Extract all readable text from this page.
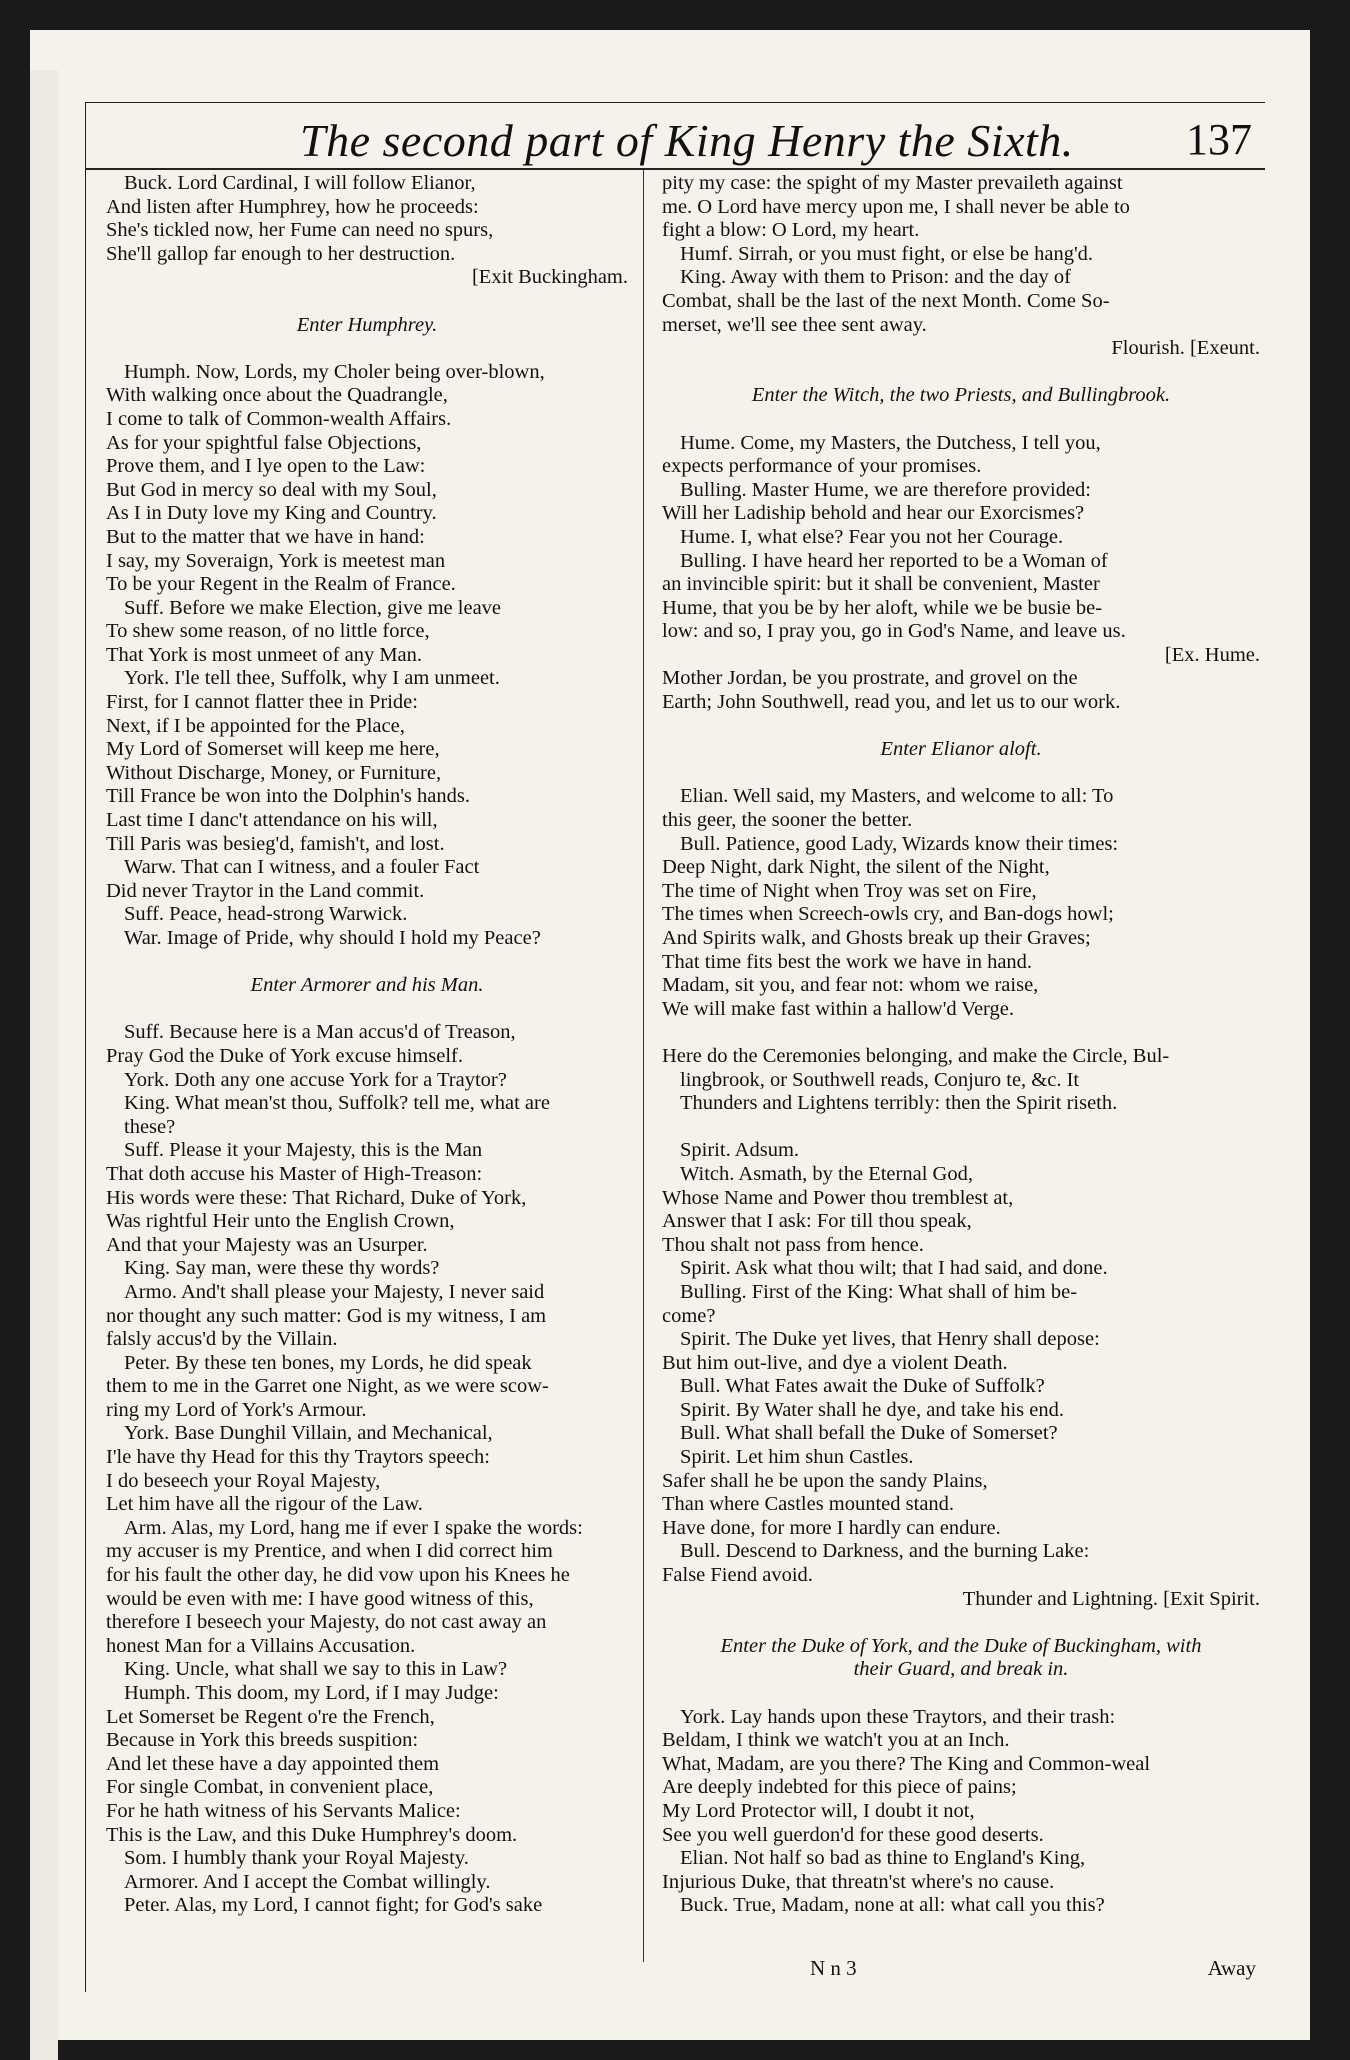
The second part of King Henry the Sixth.	137
Buck. Lord Cardinal, I will follow Elianor,
And listen after Humphrey, how he proceeds:
She's tickled now, her Fume can need no spurs,
She'll gallop far enough to her destruction.
[Exit Buckingham.
Enter Humphrey.
Humph. Now, Lords, my Choler being over-blown,
With walking once about the Quadrangle,
I come to talk of Common-wealth Affairs.
As for your spightful false Objections,
Prove them, and I lye open to the Law:
But God in mercy so deal with my Soul,
As I in Duty love my King and Country.
But to the matter that we have in hand:
I say, my Soveraign, York is meetest man
To be your Regent in the Realm of France.
Suff. Before we make Election, give me leave
To shew some reason, of no little force,
That York is most unmeet of any Man.
York. I'le tell thee, Suffolk, why I am unmeet.
First, for I cannot flatter thee in Pride:
Next, if I be appointed for the Place,
My Lord of Somerset will keep me here,
Without Discharge, Money, or Furniture,
Till France be won into the Dolphin's hands.
Last time I danc't attendance on his will,
Till Paris was besieg'd, famish't, and lost.
Warw. That can I witness, and a fouler Fact
Did never Traytor in the Land commit.
Suff. Peace, head-strong Warwick.
War. Image of Pride, why should I hold my Peace?
Enter Armorer and his Man.
Suff. Because here is a Man accus'd of Treason,
Pray God the Duke of York excuse himself.
York. Doth any one accuse York for a Traytor?
King. What mean'st thou, Suffolk? tell me, what are
these?
Suff. Please it your Majesty, this is the Man
That doth accuse his Master of High-Treason:
His words were these: That Richard, Duke of York,
Was rightful Heir unto the English Crown,
And that your Majesty was an Usurper.
King. Say man, were these thy words?
Armo. And't shall please your Majesty, I never said
nor thought any such matter: God is my witness, I am
falsly accus'd by the Villain.
Peter. By these ten bones, my Lords, he did speak
them to me in the Garret one Night, as we were scow-
ring my Lord of York's Armour.
York. Base Dunghil Villain, and Mechanical,
I'le have thy Head for this thy Traytors speech:
I do beseech your Royal Majesty,
Let him have all the rigour of the Law.
Arm. Alas, my Lord, hang me if ever I spake the words:
my accuser is my Prentice, and when I did correct him
for his fault the other day, he did vow upon his Knees he
would be even with me: I have good witness of this,
therefore I beseech your Majesty, do not cast away an
honest Man for a Villains Accusation.
King. Uncle, what shall we say to this in Law?
Humph. This doom, my Lord, if I may Judge:
Let Somerset be Regent o're the French,
Because in York this breeds suspition:
And let these have a day appointed them
For single Combat, in convenient place,
For he hath witness of his Servants Malice:
This is the Law, and this Duke Humphrey's doom.
Som. I humbly thank your Royal Majesty.
Armorer. And I accept the Combat willingly.
Peter. Alas, my Lord, I cannot fight; for God's sake
pity my case: the spight of my Master prevaileth against
me. O Lord have mercy upon me, I shall never be able to
fight a blow: O Lord, my heart.
Humf. Sirrah, or you must fight, or else be hang'd.
King. Away with them to Prison: and the day of
Combat, shall be the last of the next Month. Come So-
merset, we'll see thee sent away.
Flourish. [Exeunt.
Enter the Witch, the two Priests, and Bullingbrook.
Hume. Come, my Masters, the Dutchess, I tell you,
expects performance of your promises.
Bulling. Master Hume, we are therefore provided:
Will her Ladiship behold and hear our Exorcismes?
Hume. I, what else? Fear you not her Courage.
Bulling. I have heard her reported to be a Woman of
an invincible spirit: but it shall be convenient, Master
Hume, that you be by her aloft, while we be busie be-
low: and so, I pray you, go in God's Name, and leave us.
[Ex. Hume.
Mother Jordan, be you prostrate, and grovel on the
Earth; John Southwell, read you, and let us to our work.
Enter Elianor aloft.
Elian. Well said, my Masters, and welcome to all: To
this geer, the sooner the better.
Bull. Patience, good Lady, Wizards know their times:
Deep Night, dark Night, the silent of the Night,
The time of Night when Troy was set on Fire,
The times when Screech-owls cry, and Ban-dogs howl;
And Spirits walk, and Ghosts break up their Graves;
That time fits best the work we have in hand.
Madam, sit you, and fear not: whom we raise,
We will make fast within a hallow'd Verge.
Here do the Ceremonies belonging, and make the Circle, Bul-
lingbrook, or Southwell reads, Conjuro te, &c. It
Thunders and Lightens terribly: then the Spirit riseth.
Spirit. Adsum.
Witch. Asmath, by the Eternal God,
Whose Name and Power thou tremblest at,
Answer that I ask: For till thou speak,
Thou shalt not pass from hence.
Spirit. Ask what thou wilt; that I had said, and done.
Bulling. First of the King: What shall of him be-
come?
Spirit. The Duke yet lives, that Henry shall depose:
But him out-live, and dye a violent Death.
Bull. What Fates await the Duke of Suffolk?
Spirit. By Water shall he dye, and take his end.
Bull. What shall befall the Duke of Somerset?
Spirit. Let him shun Castles.
Safer shall he be upon the sandy Plains,
Than where Castles mounted stand.
Have done, for more I hardly can endure.
Bull. Descend to Darkness, and the burning Lake:
False Fiend avoid.
Thunder and Lightning. [Exit Spirit.
Enter the Duke of York, and the Duke of Buckingham, with
their Guard, and break in.
York. Lay hands upon these Traytors, and their trash:
Beldam, I think we watch't you at an Inch.
What, Madam, are you there? The King and Common-weal
Are deeply indebted for this piece of pains;
My Lord Protector will, I doubt it not,
See you well guerdon'd for these good deserts.
Elian. Not half so bad as thine to England's King,
Injurious Duke, that threatn'st where's no cause.
Buck. True, Madam, none at all: what call you this?
N n 3	Away
